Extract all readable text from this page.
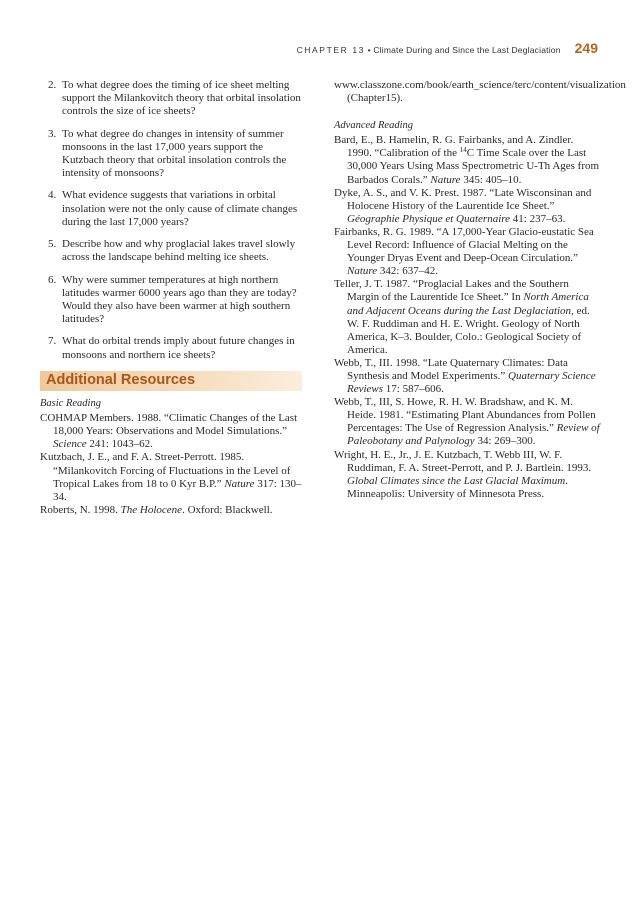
CHAPTER 13 • Climate During and Since the Last Deglaciation 249
2. To what degree does the timing of ice sheet melting support the Milankovitch theory that orbital insolation controls the size of ice sheets?
3. To what degree do changes in intensity of summer monsoons in the last 17,000 years support the Kutzbach theory that orbital insolation controls the intensity of monsoons?
4. What evidence suggests that variations in orbital insolation were not the only cause of climate changes during the last 17,000 years?
5. Describe how and why proglacial lakes travel slowly across the landscape behind melting ice sheets.
6. Why were summer temperatures at high northern latitudes warmer 6000 years ago than they are today? Would they also have been warmer at high southern latitudes?
7. What do orbital trends imply about future changes in monsoons and northern ice sheets?
Additional Resources
Basic Reading

COHMAP Members. 1988. “Climatic Changes of the Last 18,000 Years: Observations and Model Simulations.” Science 241: 1043–62.

Kutzbach, J. E., and F. A. Street-Perrott. 1985. “Milankovitch Forcing of Fluctuations in the Level of Tropical Lakes from 18 to 0 Kyr B.P.” Nature 317: 130–34.

Roberts, N. 1998. The Holocene. Oxford: Blackwell.

www.classzone.com/book/earth_science/terc/content/visualization (Chapter15).

Advanced Reading

Bard, E., B. Hamelin, R. G. Fairbanks, and A. Zindler. 1990. “Calibration of the $^{14}$C Time Scale over the Last 30,000 Years Using Mass Spectrometric U-Th Ages from Barbados Corals.” Nature 345: 405–10.

Dyke, A. S., and V. K. Prest. 1987. “Late Wisconsinan and Holocene History of the Laurentide Ice Sheet.” Géographie Physique et Quaternaire 41: 237–63.

Fairbanks, R. G. 1989. “A 17,000-Year Glacio-eustatic Sea Level Record: Influence of Glacial Melting on the Younger Dryas Event and Deep-Ocean Circulation.” Nature 342: 637–42.

Teller, J. T. 1987. “Proglacial Lakes and the Southern Margin of the Laurentide Ice Sheet.” In North America and Adjacent Oceans during the Last Deglaciation, ed. W. F. Ruddiman and H. E. Wright. Geology of North America, K–3. Boulder, Colo.: Geological Society of America.

Webb, T., III. 1998. “Late Quaternary Climates: Data Synthesis and Model Experiments.” Quaternary Science Reviews 17: 587–606.

Webb, T., III, S. Howe, R. H. W. Bradshaw, and K. M. Heide. 1981. “Estimating Plant Abundances from Pollen Percentages: The Use of Regression Analysis.” Review of Paleobotany and Palynology 34: 269–300.

Wright, H. E., Jr., J. E. Kutzbach, T. Webb III, W. F. Ruddiman, F. A. Street-Perrott, and P. J. Bartlein. 1993. Global Climates since the Last Glacial Maximum. Minneapolis: University of Minnesota Press.
